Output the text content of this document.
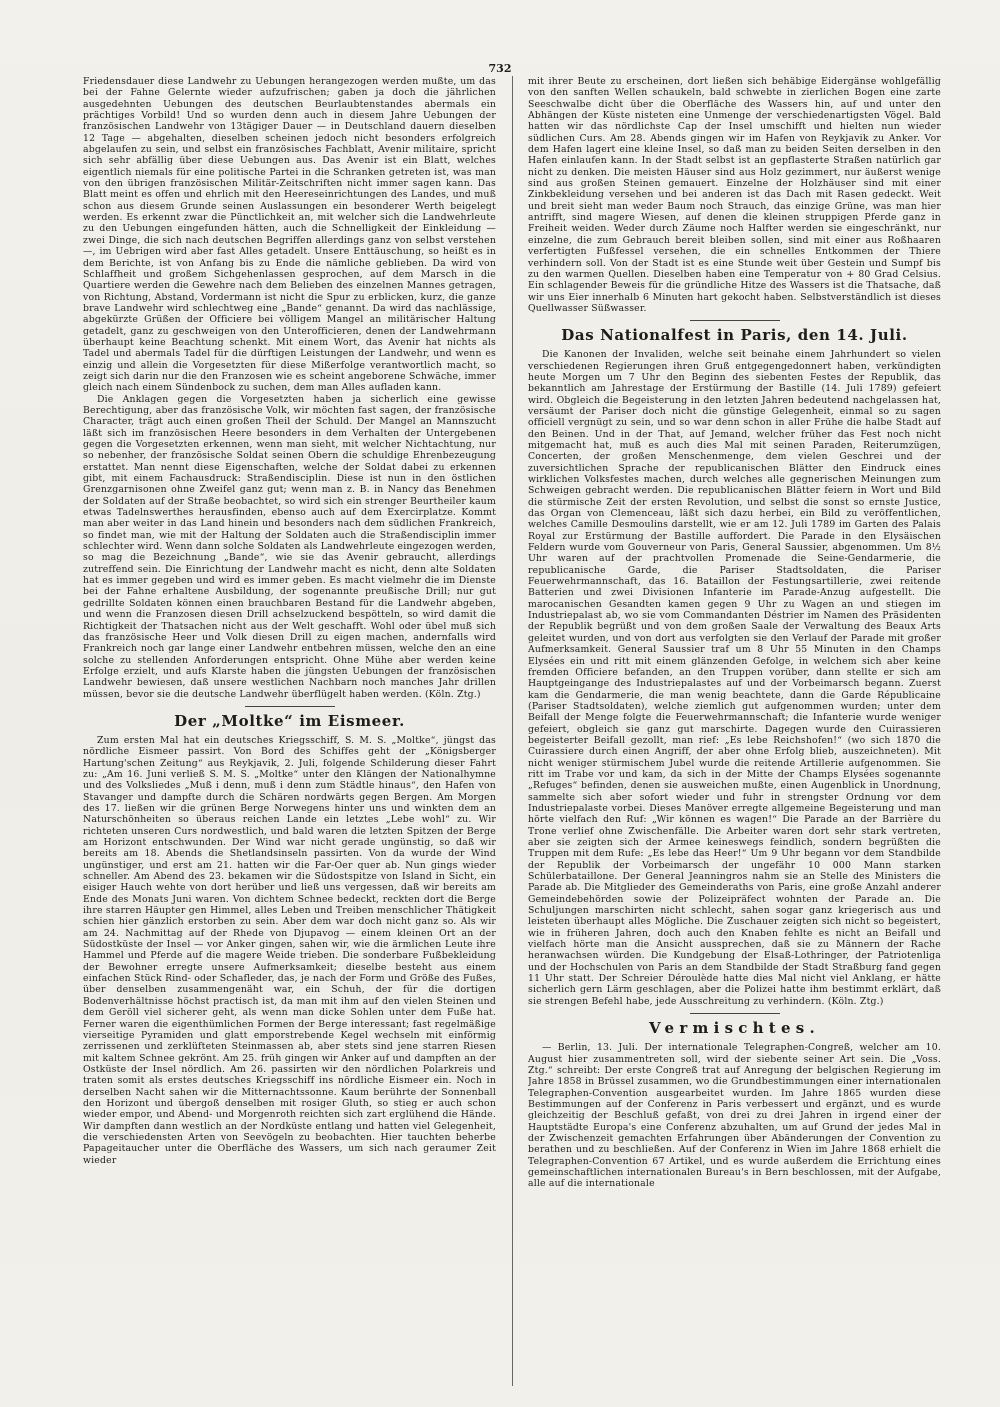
732

Friedensdauer diese Landwehr zu Uebungen herangezogen werden mußte, um das bei der Fahne Gelernte wieder aufzufrischen; gaben ja doch die jährlichen ausgedehnten Uebungen des deutschen Beurlaubtenstandes abermals ein prächtiges Vorbild! Und so wurden denn auch in diesem Jahre Uebungen der französischen Landwehr von 13tägiger Dauer — in Deutschland dauern dieselben 12 Tage — abgehalten, dieselben scheinen jedoch nicht besonders erfolgreich abgelaufen zu sein, und selbst ein französisches Fachblatt, Avenir militaire, spricht sich sehr abfällig über diese Uebungen aus. Das Avenir ist ein Blatt, welches eigentlich niemals für eine politische Partei in die Schranken getreten ist, was man von den übrigen französischen Militär-Zeitschriften nicht immer sagen kann. Das Blatt meint es offen und ehrlich mit den Heereseinrichtungen des Landes, und muß schon aus diesem Grunde seinen Auslassungen ein besonderer Werth beigelegt werden. Es erkennt zwar die Pünctlichkeit an, mit welcher sich die Landwehrleute zu den Uebungen eingefunden hätten, auch die Schnelligkeit der Einkleidung — zwei Dinge, die sich nach deutschen Begriffen allerdings ganz von selbst verstehen —, im Uebrigen wird aber fast Alles getadelt. Unsere Enttäuschung, so heißt es in dem Berichte, ist von Anfang bis zu Ende die nämliche geblieben. Da wird von Schlaffheit und großem Sichgehenlassen gesprochen, auf dem Marsch in die Quartiere werden die Gewehre nach dem Belieben des einzelnen Mannes getragen, von Richtung, Abstand, Vordermann ist nicht die Spur zu erblicken, kurz, die ganze brave Landwehr wird schlechtweg eine „Bande“ genannt. Da wird das nachlässige, abgekürzte Grüßen der Officiere bei völligem Mangel an militärischer Haltung getadelt, ganz zu geschweigen von den Unterofficieren, denen der Landwehrmann überhaupt keine Beachtung schenkt. Mit einem Wort, das Avenir hat nichts als Tadel und abermals Tadel für die dürftigen Leistungen der Landwehr, und wenn es einzig und allein die Vorgesetzten für diese Mißerfolge verantwortlich macht, so zeigt sich darin nur die den Franzosen wie es scheint angeborene Schwäche, immer gleich nach einem Sündenbock zu suchen, dem man Alles aufladen kann.

Die Anklagen gegen die Vorgesetzten haben ja sicherlich eine gewisse Berechtigung, aber das französische Volk, wir möchten fast sagen, der französische Character, trägt auch einen großen Theil der Schuld. Der Mangel an Mannszucht läßt sich im französischen Heere besonders in dem Verhalten der Untergebenen gegen die Vorgesetzten erkennen, wenn man sieht, mit welcher Nichtachtung, nur so nebenher, der französische Soldat seinen Obern die schuldige Ehrenbezeugung erstattet. Man nennt diese Eigenschaften, welche der Soldat dabei zu erkennen gibt, mit einem Fachausdruck: Straßendisciplin. Diese ist nun in den östlichen Grenzgarnisonen ohne Zweifel ganz gut; wenn man z. B. in Nancy das Benehmen der Soldaten auf der Straße beobachtet, so wird sich ein strenger Beurtheiler kaum etwas Tadelnswerthes herausfinden, ebenso auch auf dem Exercirplatze. Kommt man aber weiter in das Land hinein und besonders nach dem südlichen Frankreich, so findet man, wie mit der Haltung der Soldaten auch die Straßendisciplin immer schlechter wird. Wenn dann solche Soldaten als Landwehrleute eingezogen werden, so mag die Bezeichnung „Bande“, wie sie das Avenir gebraucht, allerdings zutreffend sein. Die Einrichtung der Landwehr macht es nicht, denn alte Soldaten hat es immer gegeben und wird es immer geben. Es macht vielmehr die im Dienste bei der Fahne erhaltene Ausbildung, der sogenannte preußische Drill; nur gut gedrillte Soldaten können einen brauchbaren Bestand für die Landwehr abgeben, und wenn die Franzosen diesen Drill achselzuckend bespötteln, so wird damit die Richtigkeit der Thatsachen nicht aus der Welt geschafft. Wohl oder übel muß sich das französische Heer und Volk diesen Drill zu eigen machen, andernfalls wird Frankreich noch gar lange einer Landwehr entbehren müssen, welche den an eine solche zu stellenden Anforderungen entspricht. Ohne Mühe aber werden keine Erfolge erzielt, und aufs Klarste haben die jüngsten Uebungen der französischen Landwehr bewiesen, daß unsere westlichen Nachbarn noch manches Jahr drillen müssen, bevor sie die deutsche Landwehr überflügelt haben werden. (Köln. Ztg.)

Der „Moltke“ im Eismeer.

Zum ersten Mal hat ein deutsches Kriegsschiff, S. M. S. „Moltke“, jüngst das nördliche Eismeer passirt. Von Bord des Schiffes geht der „Königsberger Hartung'schen Zeitung“ aus Reykjavik, 2. Juli, folgende Schilderung dieser Fahrt zu: „Am 16. Juni verließ S. M. S. „Moltke“ unter den Klängen der Nationalhymne und des Volksliedes „Muß i denn, muß i denn zum Städtle hinaus“, den Hafen von Stavanger und dampfte durch die Schären nordwärts gegen Bergen. Am Morgen des 17. ließen wir die grünen Berge Norwegens hinter uns und winkten dem an Naturschönheiten so überaus reichen Lande ein letztes „Lebe wohl“ zu. Wir richteten unseren Curs nordwestlich, und bald waren die letzten Spitzen der Berge am Horizont entschwunden. Der Wind war nicht gerade ungünstig, so daß wir bereits am 18. Abends die Shetlandsinseln passirten. Von da wurde der Wind ungünstiger, und erst am 21. hatten wir die Far-Oer quer ab. Nun gings wieder schneller. Am Abend des 23. bekamen wir die Südostspitze von Island in Sicht, ein eisiger Hauch wehte von dort herüber und ließ uns vergessen, daß wir bereits am Ende des Monats Juni waren. Von dichtem Schnee bedeckt, reckten dort die Berge ihre starren Häupter gen Himmel, alles Leben und Treiben menschlicher Thätigkeit schien hier gänzlich erstorben zu sein. Aber dem war doch nicht ganz so. Als wir am 24. Nachmittag auf der Rhede von Djupavog — einem kleinen Ort an der Südostküste der Insel — vor Anker gingen, sahen wir, wie die ärmlichen Leute ihre Hammel und Pferde auf die magere Weide trieben. Die sonderbare Fußbekleidung der Bewohner erregte unsere Aufmerksamkeit; dieselbe besteht aus einem einfachen Stück Rind- oder Schafleder, das, je nach der Form und Größe des Fußes, über denselben zusammengenäht war, ein Schuh, der für die dortigen Bodenverhältnisse höchst practisch ist, da man mit ihm auf den vielen Steinen und dem Geröll viel sicherer geht, als wenn man dicke Sohlen unter dem Fuße hat. Ferner waren die eigenthümlichen Formen der Berge interessant; fast regelmäßige vierseitige Pyramiden und glatt emporstrebende Kegel wechseln mit einförmig zerrissenen und zerklüfteten Steinmassen ab, aber stets sind jene starren Riesen mit kaltem Schnee gekrönt. Am 25. früh gingen wir Anker auf und dampften an der Ostküste der Insel nördlich. Am 26. passirten wir den nördlichen Polarkreis und traten somit als erstes deutsches Kriegsschiff ins nördliche Eismeer ein. Noch in derselben Nacht sahen wir die Mitternachtssonne. Kaum berührte der Sonnenball den Horizont und übergoß denselben mit rosiger Gluth, so stieg er auch schon wieder empor, und Abend- und Morgenroth reichten sich zart erglühend die Hände. Wir dampften dann westlich an der Nordküste entlang und hatten viel Gelegenheit, die verschiedensten Arten von Seevögeln zu beobachten. Hier tauchten beherbe Papageitaucher unter die Oberfläche des Wassers, um sich nach geraumer Zeit wieder

mit ihrer Beute zu erscheinen, dort ließen sich behäbige Eidergänse wohlgefällig von den sanften Wellen schaukeln, bald schwebte in zierlichen Bogen eine zarte Seeschwalbe dicht über die Oberfläche des Wassers hin, auf und unter den Abhängen der Küste nisteten eine Unmenge der verschiedenartigsten Vögel. Bald hatten wir das nördlichste Cap der Insel umschifft und hielten nun wieder südlichen Curs. Am 28. Abends gingen wir im Hafen von Reykjavik zu Anker. Vor dem Hafen lagert eine kleine Insel, so daß man zu beiden Seiten derselben in den Hafen einlaufen kann. In der Stadt selbst ist an gepflasterte Straßen natürlich gar nicht zu denken. Die meisten Häuser sind aus Holz gezimmert, nur äußerst wenige sind aus großen Steinen gemauert. Einzelne der Holzhäuser sind mit einer Zinkbekleidung versehen und bei anderen ist das Dach mit Rasen gedeckt. Weit und breit sieht man weder Baum noch Strauch, das einzige Grüne, was man hier antrifft, sind magere Wiesen, auf denen die kleinen struppigen Pferde ganz in Freiheit weiden. Weder durch Zäume noch Halfter werden sie eingeschränkt, nur einzelne, die zum Gebrauch bereit bleiben sollen, sind mit einer aus Roßhaaren verfertigten Fußfessel versehen, die ein schnelles Entkommen der Thiere verhindern soll. Von der Stadt ist es eine Stunde weit über Gestein und Sumpf bis zu den warmen Quellen. Dieselben haben eine Temperatur von + 80 Grad Celsius. Ein schlagender Beweis für die gründliche Hitze des Wassers ist die Thatsache, daß wir uns Eier innerhalb 6 Minuten hart gekocht haben. Selbstverständlich ist dieses Quellwasser Süßwasser.

Das Nationalfest in Paris, den 14. Juli.

Die Kanonen der Invaliden, welche seit beinahe einem Jahrhundert so vielen verschiedenen Regierungen ihren Gruß entgegengedonnert haben, verkündigten heute Morgen um 7 Uhr den Beginn des siebenten Festes der Republik, das bekanntlich am Jahrestage der Erstürmung der Bastille (14. Juli 1789) gefeiert wird. Obgleich die Begeisterung in den letzten Jahren bedeutend nachgelassen hat, versäumt der Pariser doch nicht die günstige Gelegenheit, einmal so zu sagen officiell vergnügt zu sein, und so war denn schon in aller Frühe die halbe Stadt auf den Beinen. Und in der That, auf Jemand, welcher früher das Fest noch nicht mitgemacht hat, muß es auch dies Mal mit seinen Paraden, Reiterumzügen, Concerten, der großen Menschenmenge, dem vielen Geschrei und der zuversichtlichen Sprache der republicanischen Blätter den Eindruck eines wirklichen Volksfestes machen, durch welches alle gegnerischen Meinungen zum Schweigen gebracht werden. Die republicanischen Blätter feiern in Wort und Bild die stürmische Zeit der ersten Revolution, und selbst die sonst so ernste Justice, das Organ von Clemenceau, läßt sich dazu herbei, ein Bild zu veröffentlichen, welches Camille Desmoulins darstellt, wie er am 12. Juli 1789 im Garten des Palais Royal zur Erstürmung der Bastille auffordert. Die Parade in den Elysäischen Feldern wurde vom Gouverneur von Paris, General Saussier, abgenommen. Um 8½ Uhr waren auf der prachtvollen Promenade die Seine-Gendarmerie, die republicanische Garde, die Pariser Stadtsoldaten, die Pariser Feuerwehrmannschaft, das 16. Bataillon der Festungsartillerie, zwei reitende Batterien und zwei Divisionen Infanterie im Parade-Anzug aufgestellt. Die marocanischen Gesandten kamen gegen 9 Uhr zu Wagen an und stiegen im Industriepalast ab, wo sie vom Commandanten Déstrier im Namen des Präsidenten der Republik begrüßt und von dem großen Saale der Verwaltung des Beaux Arts geleitet wurden, und von dort aus verfolgten sie den Verlauf der Parade mit großer Aufmerksamkeit. General Saussier traf um 8 Uhr 55 Minuten in den Champs Elysées ein und ritt mit einem glänzenden Gefolge, in welchem sich aber keine fremden Officiere befanden, an den Truppen vorüber, dann stellte er sich am Hauptgeingange des Industriepalastes auf und der Vorbeimarsch begann. Zuerst kam die Gendarmerie, die man wenig beachtete, dann die Garde Républicaine (Pariser Stadtsoldaten), welche ziemlich gut aufgenommen wurden; unter dem Beifall der Menge folgte die Feuerwehrmannschaft; die Infanterie wurde weniger gefeiert, obgleich sie ganz gut marschirte. Dagegen wurde den Cuirassieren begeisterter Beifall gezollt, man rief: „Es lebe Reichshofen!“ (wo sich 1870 die Cuirassiere durch einen Angriff, der aber ohne Erfolg blieb, auszeichneten). Mit nicht weniger stürmischem Jubel wurde die reitende Artillerie aufgenommen. Sie ritt im Trabe vor und kam, da sich in der Mitte der Champs Elysées sogenannte „Refuges“ befinden, denen sie ausweichen mußte, einen Augenblick in Unordnung, sammelte sich aber sofort wieder und fuhr in strengster Ordnung vor dem Industriepalaste vorbei. Dieses Manöver erregte allgemeine Begeisterung und man hörte vielfach den Ruf: „Wir können es wagen!“ Die Parade an der Barrière du Trone verlief ohne Zwischenfälle. Die Arbeiter waren dort sehr stark vertreten, aber sie zeigten sich der Armee keineswegs feindlich, sondern begrüßten die Truppen mit dem Rufe: „Es lebe das Heer!“ Um 9 Uhr begann vor dem Standbilde der Republik der Vorbeimarsch der ungefähr 10 000 Mann starken Schülerbataillone. Der General Jeanningros nahm sie an Stelle des Ministers die Parade ab. Die Mitglieder des Gemeinderaths von Paris, eine große Anzahl anderer Gemeindebehörden sowie der Polizeipräfect wohnten der Parade an. Die Schuljungen marschirten nicht schlecht, sahen sogar ganz kriegerisch aus und leisteten überhaupt alles Mögliche. Die Zuschauer zeigten sich nicht so begeistert, wie in früheren Jahren, doch auch den Knaben fehlte es nicht an Beifall und vielfach hörte man die Ansicht aussprechen, daß sie zu Männern der Rache heranwachsen würden. Die Kundgebung der Elsaß-Lothringer, der Patriotenliga und der Hochschulen von Paris an dem Standbilde der Stadt Straßburg fand gegen 11 Uhr statt. Der Schreier Déroulède hatte dies Mal nicht viel Anklang, er hätte sicherlich gern Lärm geschlagen, aber die Polizei hatte ihm bestimmt erklärt, daß sie strengen Befehl habe, jede Ausschreitung zu verhindern. (Köln. Ztg.)

Vermischtes.

— Berlin, 13. Juli. Der internationale Telegraphen-Congreß, welcher am 10. August hier zusammentreten soll, wird der siebente seiner Art sein. Die „Voss. Ztg.“ schreibt: Der erste Congreß trat auf Anregung der belgischen Regierung im Jahre 1858 in Brüssel zusammen, wo die Grundbestimmungen einer internationalen Telegraphen-Convention ausgearbeitet wurden. Im Jahre 1865 wurden diese Bestimmungen auf der Conferenz in Paris verbessert und ergänzt, und es wurde gleichzeitig der Beschluß gefaßt, von drei zu drei Jahren in irgend einer der Hauptstädte Europa's eine Conferenz abzuhalten, um auf Grund der jedes Mal in der Zwischenzeit gemachten Erfahrungen über Abänderungen der Convention zu berathen und zu beschließen. Auf der Conferenz in Wien im Jahre 1868 erhielt die Telegraphen-Convention 67 Artikel, und es wurde außerdem die Errichtung eines gemeinschaftlichen internationalen Bureau's in Bern beschlossen, mit der Aufgabe, alle auf die internationale
